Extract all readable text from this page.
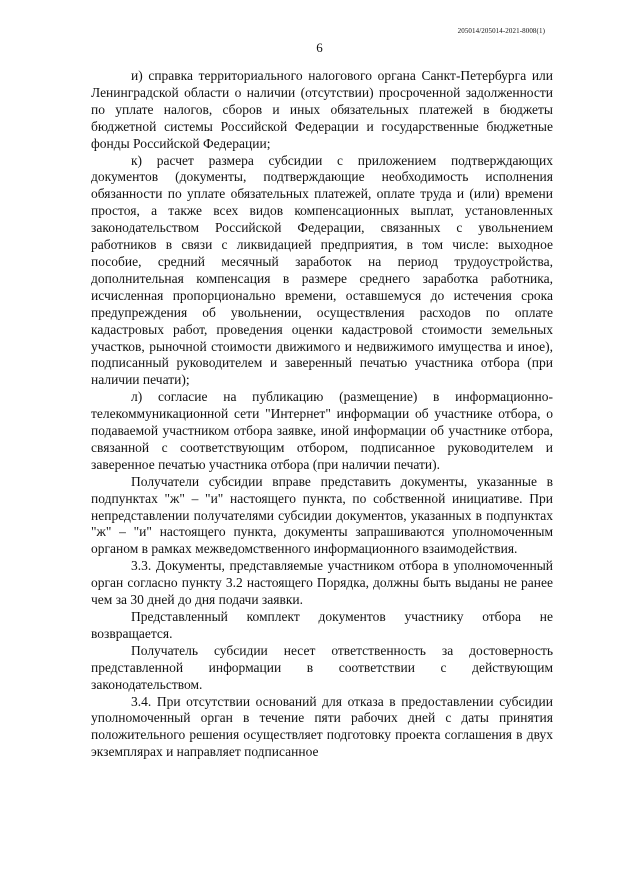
205014/205014-2021-8008(1)
6

и) справка территориального налогового органа Санкт-Петербурга или Ленинградской области о наличии (отсутствии) просроченной задолженности по уплате налогов, сборов и иных обязательных платежей в бюджеты бюджетной системы Российской Федерации и государственные бюджетные фонды Российской Федерации;

к) расчет размера субсидии с приложением подтверждающих документов (документы, подтверждающие необходимость исполнения обязанности по уплате обязательных платежей, оплате труда и (или) времени простоя, а также всех видов компенсационных выплат, установленных законодательством Российской Федерации, связанных с увольнением работников в связи с ликвидацией предприятия, в том числе: выходное пособие, средний месячный заработок на период трудоустройства, дополнительная компенсация в размере среднего заработка работника, исчисленная пропорционально времени, оставшемуся до истечения срока предупреждения об увольнении, осуществления расходов по оплате кадастровых работ, проведения оценки кадастровой стоимости земельных участков, рыночной стоимости движимого и недвижимого имущества и иное), подписанный руководителем и заверенный печатью участника отбора (при наличии печати);

л) согласие на публикацию (размещение) в информационно-телекоммуникационной сети "Интернет" информации об участнике отбора, о подаваемой участником отбора заявке, иной информации об участнике отбора, связанной с соответствующим отбором, подписанное руководителем и заверенное печатью участника отбора (при наличии печати).

Получатели субсидии вправе представить документы, указанные в подпунктах "ж" – "и" настоящего пункта, по собственной инициативе. При непредставлении получателями субсидии документов, указанных в подпунктах "ж" – "и" настоящего пункта, документы запрашиваются уполномоченным органом в рамках межведомственного информационного взаимодействия.

3.3. Документы, представляемые участником отбора в уполномоченный орган согласно пункту 3.2 настоящего Порядка, должны быть выданы не ранее чем за 30 дней до дня подачи заявки.

Представленный комплект документов участнику отбора не возвращается.

Получатель субсидии несет ответственность за достоверность представленной информации в соответствии с действующим законодательством.

3.4. При отсутствии оснований для отказа в предоставлении субсидии уполномоченный орган в течение пяти рабочих дней с даты принятия положительного решения осуществляет подготовку проекта соглашения в двух экземплярах и направляет подписанное
